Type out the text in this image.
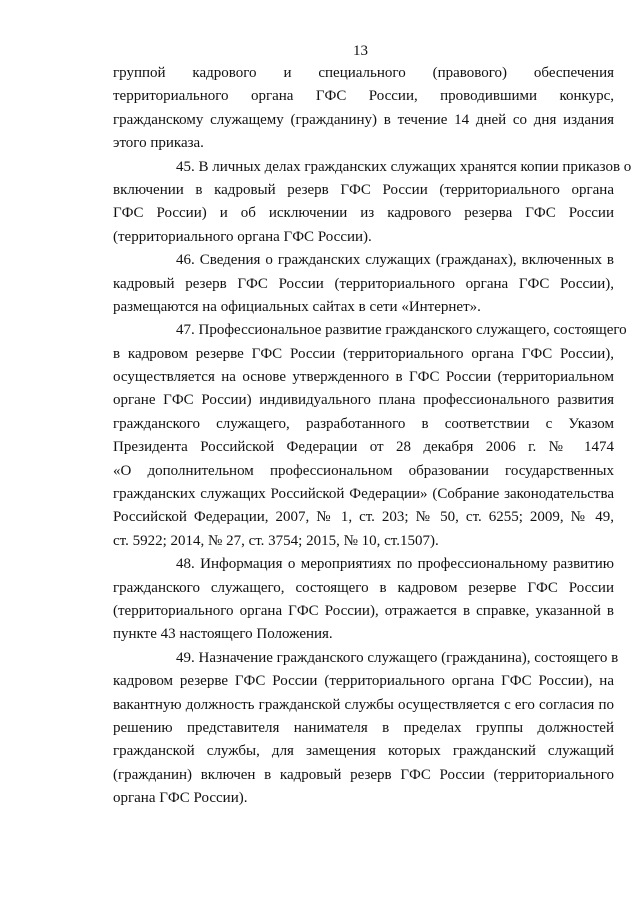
13
группой кадрового и специального (правового) обеспечения
территориального органа ГФС России, проводившими конкурс,
гражданскому служащему (гражданину) в течение 14 дней со дня издания
этого приказа.
45. В личных делах гражданских служащих хранятся копии приказов о
включении в кадровый резерв ГФС России (территориального органа
ГФС России) и об исключении из кадрового резерва ГФС России
(территориального органа ГФС России).
46. Сведения о гражданских служащих (гражданах), включенных в
кадровый резерв ГФС России (территориального органа ГФС России),
размещаются на официальных сайтах в сети «Интернет».
47. Профессиональное развитие гражданского служащего, состоящего
в кадровом резерве ГФС России (территориального органа ГФС России),
осуществляется на основе утвержденного в ГФС России (территориальном
органе ГФС России) индивидуального плана профессионального развития
гражданского служащего, разработанного в соответствии с Указом
Президента Российской Федерации от 28 декабря 2006 г. № 1474
«О дополнительном профессиональном образовании государственных
гражданских служащих Российской Федерации» (Собрание законодательства
Российской Федерации, 2007, № 1, ст. 203; № 50, ст. 6255; 2009, № 49,
ст. 5922; 2014, № 27, ст. 3754; 2015, № 10, ст.1507).
48. Информация о мероприятиях по профессиональному развитию
гражданского служащего, состоящего в кадровом резерве ГФС России
(территориального органа ГФС России), отражается в справке, указанной в
пункте 43 настоящего Положения.
49. Назначение гражданского служащего (гражданина), состоящего в
кадровом резерве ГФС России (территориального органа ГФС России), на
вакантную должность гражданской службы осуществляется с его согласия по
решению представителя нанимателя в пределах группы должностей
гражданской службы, для замещения которых гражданский служащий
(гражданин) включен в кадровый резерв ГФС России (территориального
органа ГФС России).
